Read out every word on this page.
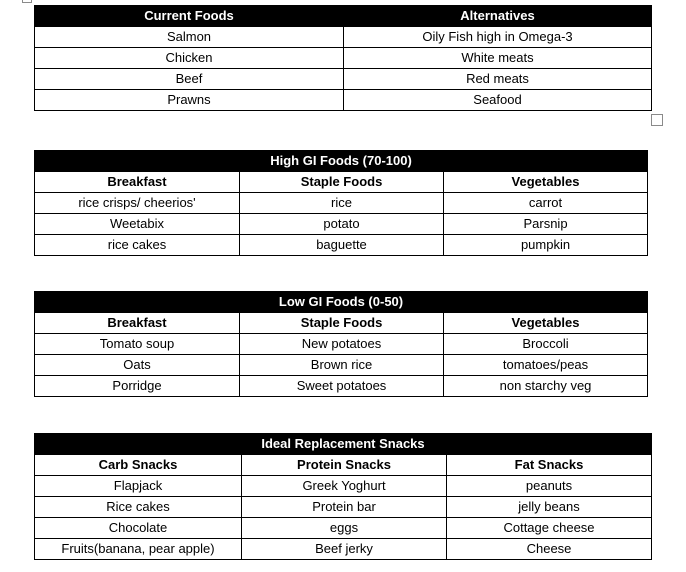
Current Foods	Alternatives
Salmon	Oily Fish high in Omega-3
Chicken	White meats
Beef	Red meats
Prawns	Seafood
High GI Foods (70-100)		
Breakfast	Staple Foods	Vegetables
rice crisps/ cheerios'	rice	carrot
Weetabix	potato	Parsnip
rice cakes	baguette	pumpkin
Low GI Foods (0-50)		
Breakfast	Staple Foods	Vegetables
Tomato soup	New potatoes	Broccoli
Oats	Brown rice	tomatoes/peas
Porridge	Sweet potatoes	non starchy veg
Ideal Replacement Snacks		
Carb Snacks	Protein Snacks	Fat Snacks
Flapjack	Greek Yoghurt	peanuts
Rice cakes	Protein bar	jelly beans
Chocolate	eggs	Cottage cheese
Fruits(banana, pear apple)	Beef jerky	Cheese
